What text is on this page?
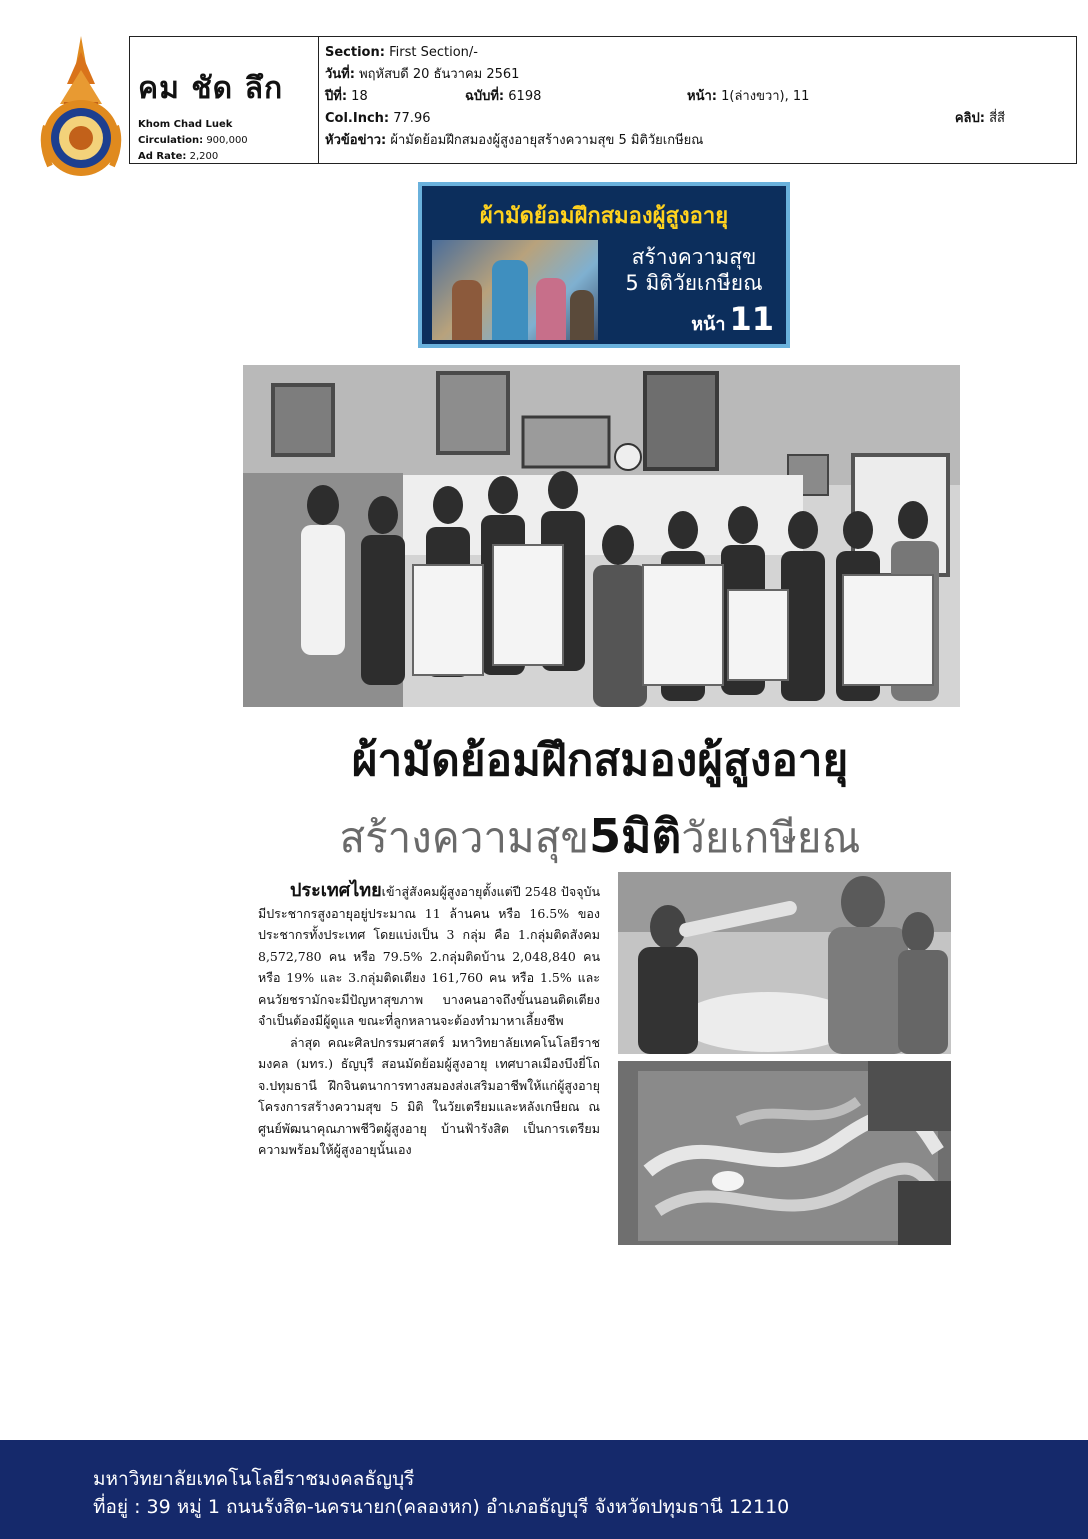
คม ชัด ลึก
Khom Chad Luek
Circulation: 900,000
Ad Rate: 2,200
Section: First Section/-
วันที่: พฤหัสบดี 20 ธันวาคม 2561
ปีที่: 18	ฉบับที่: 6198	หน้า: 1(ล่างขวา), 11
Col.Inch: 77.96	คลิป: สี่สี
หัวข้อข่าว: ผ้ามัดย้อมฝึกสมองผู้สูงอายุสร้างความสุข 5 มิติวัยเกษียณ
ผ้ามัดย้อมฝึกสมองผู้สูงอายุ
สร้างความสุข
5 มิติวัยเกษียณ
หน้า 11
ผ้ามัดย้อมฝึกสมองผู้สูงอายุ
สร้างความสุข5มิติวัยเกษียณ

ประเทศไทยเข้าสู่สังคมผู้สูงอายุตั้งแต่ปี 2548 ปัจจุบันมีประชากรสูงอายุอยู่ประมาณ 11 ล้านคน หรือ 16.5% ของประชากรทั้งประเทศ โดยแบ่งเป็น 3 กลุ่ม คือ 1.กลุ่มติดสังคม 8,572,780 คน หรือ 79.5% 2.กลุ่มติดบ้าน 2,048,840 คน หรือ 19% และ 3.กลุ่มติดเตียง 161,760 คน หรือ 1.5% และคนวัยชรามักจะมีปัญหาสุขภาพ บางคนอาจถึงขั้นนอนติดเตียงจำเป็นต้องมีผู้ดูแล ขณะที่ลูกหลานจะต้องทำมาหาเลี้ยงชีพ

ล่าสุด คณะศิลปกรรมศาสตร์ มหาวิทยาลัยเทคโนโลยีราชมงคล (มทร.) ธัญบุรี สอนมัดย้อมผู้สูงอายุ เทศบาลเมืองบึงยี่โถ จ.ปทุมธานี ฝึกจินตนาการทางสมองส่งเสริมอาชีพให้แก่ผู้สูงอายุ โครงการสร้างความสุข 5 มิติ ในวัยเตรียมและหลังเกษียณ ณ ศูนย์พัฒนาคุณภาพชีวิตผู้สูงอายุ บ้านฟ้ารังสิต เป็นการเตรียมความพร้อมให้ผู้สูงอายุนั้นเอง

มหาวิทยาลัยเทคโนโลยีราชมงคลธัญบุรี
ที่อยู่ : 39 หมู่ 1 ถนนรังสิต-นครนายก(คลองหก) อำเภอธัญบุรี จังหวัดปทุมธานี 12110
